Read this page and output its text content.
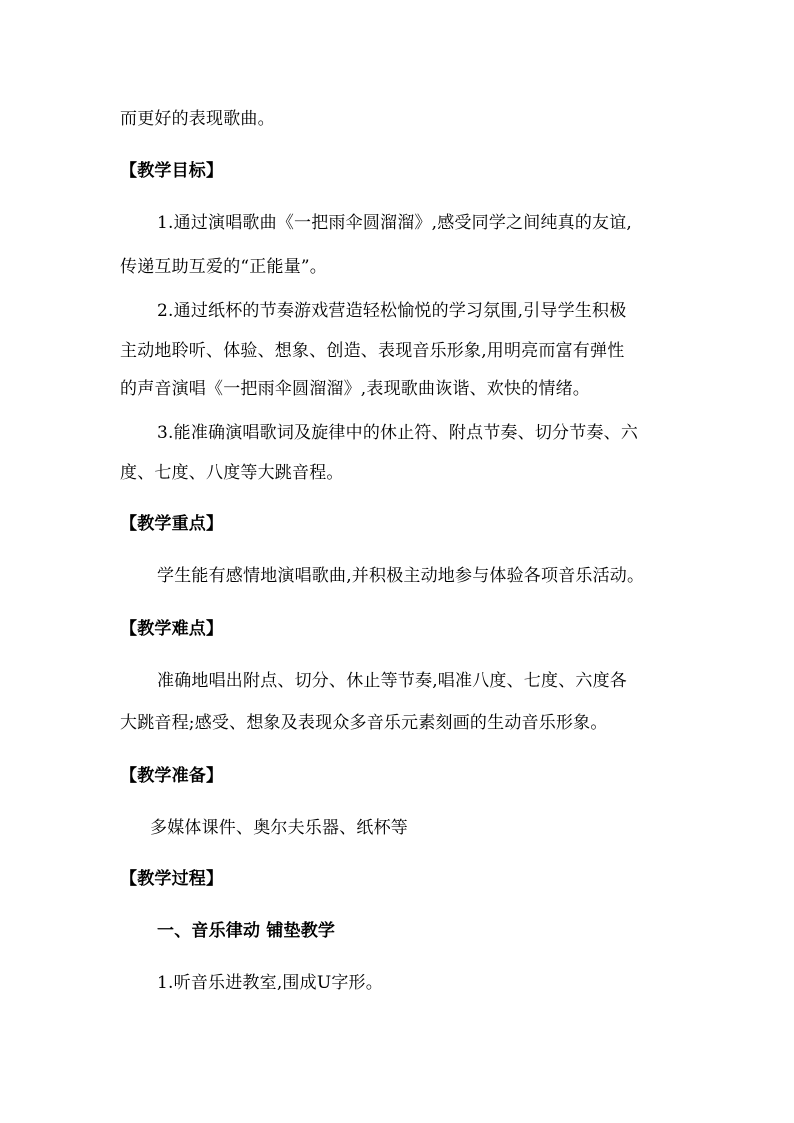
而更好的表现歌曲。
【教学目标】
1.通过演唱歌曲《一把雨伞圆溜溜》,感受同学之间纯真的友谊,
传递互助互爱的“正能量”。
2.通过纸杯的节奏游戏营造轻松愉悦的学习氛围,引导学生积极
主动地聆听、体验、想象、创造、表现音乐形象,用明亮而富有弹性
的声音演唱《一把雨伞圆溜溜》,表现歌曲诙谐、欢快的情绪。
3.能准确演唱歌词及旋律中的休止符、附点节奏、切分节奏、六
度、七度、八度等大跳音程。
【教学重点】
学生能有感情地演唱歌曲,并积极主动地参与体验各项音乐活动。
【教学难点】
准确地唱出附点、切分、休止等节奏,唱准八度、七度、六度各
大跳音程;感受、想象及表现众多音乐元素刻画的生动音乐形象。
【教学准备】
多媒体课件、奥尔夫乐器、纸杯等
【教学过程】
一、音乐律动 铺垫教学
1.听音乐进教室,围成U字形。
